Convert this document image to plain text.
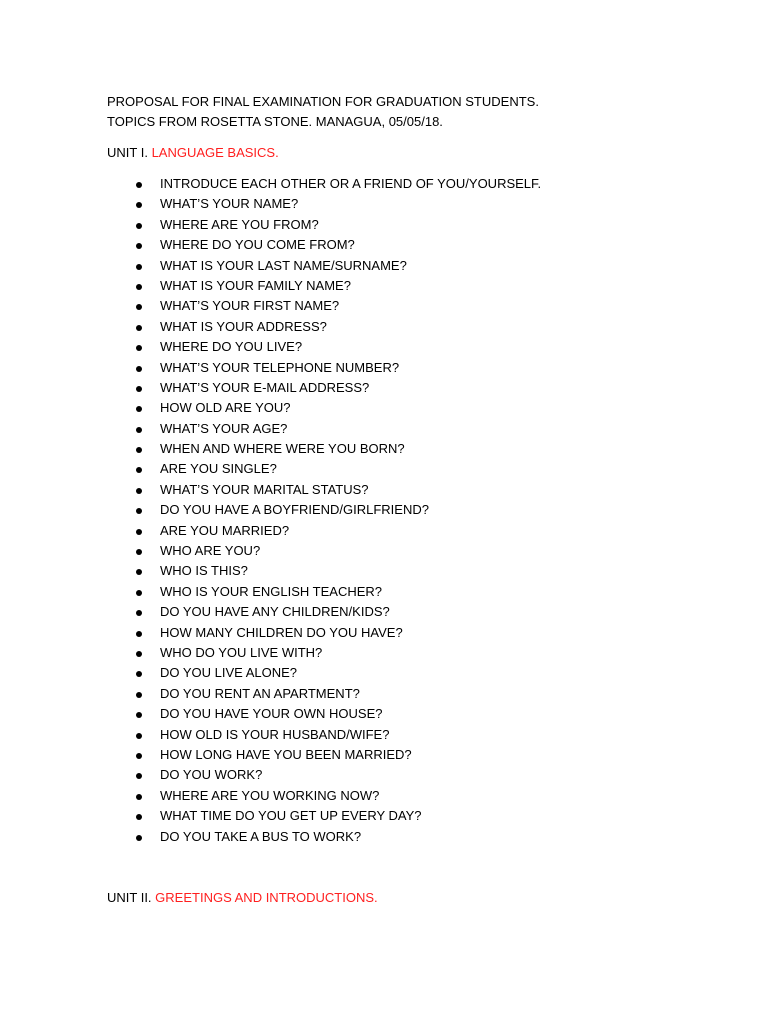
PROPOSAL FOR FINAL EXAMINATION FOR GRADUATION STUDENTS.
TOPICS FROM ROSETTA STONE. MANAGUA, 05/05/18.
UNIT I. LANGUAGE BASICS.
INTRODUCE EACH OTHER OR A FRIEND OF YOU/YOURSELF.
WHAT’S YOUR NAME?
WHERE ARE YOU FROM?
WHERE DO YOU COME FROM?
WHAT IS YOUR LAST NAME/SURNAME?
WHAT IS YOUR FAMILY NAME?
WHAT’S YOUR FIRST NAME?
WHAT IS YOUR ADDRESS?
WHERE DO YOU LIVE?
WHAT’S YOUR TELEPHONE NUMBER?
WHAT’S YOUR E-MAIL ADDRESS?
HOW OLD ARE YOU?
WHAT’S YOUR AGE?
WHEN AND WHERE WERE YOU BORN?
ARE YOU SINGLE?
WHAT’S YOUR MARITAL STATUS?
DO YOU HAVE A BOYFRIEND/GIRLFRIEND?
ARE YOU MARRIED?
WHO ARE YOU?
WHO IS THIS?
WHO IS YOUR ENGLISH TEACHER?
DO YOU HAVE ANY CHILDREN/KIDS?
HOW MANY CHILDREN DO YOU HAVE?
WHO DO YOU LIVE WITH?
DO YOU LIVE ALONE?
DO YOU RENT AN APARTMENT?
DO YOU HAVE YOUR OWN HOUSE?
HOW OLD IS YOUR HUSBAND/WIFE?
HOW LONG HAVE YOU BEEN MARRIED?
DO YOU WORK?
WHERE ARE YOU WORKING NOW?
WHAT TIME DO YOU GET UP EVERY DAY?
DO YOU TAKE A BUS TO WORK?
UNIT II. GREETINGS AND INTRODUCTIONS.
